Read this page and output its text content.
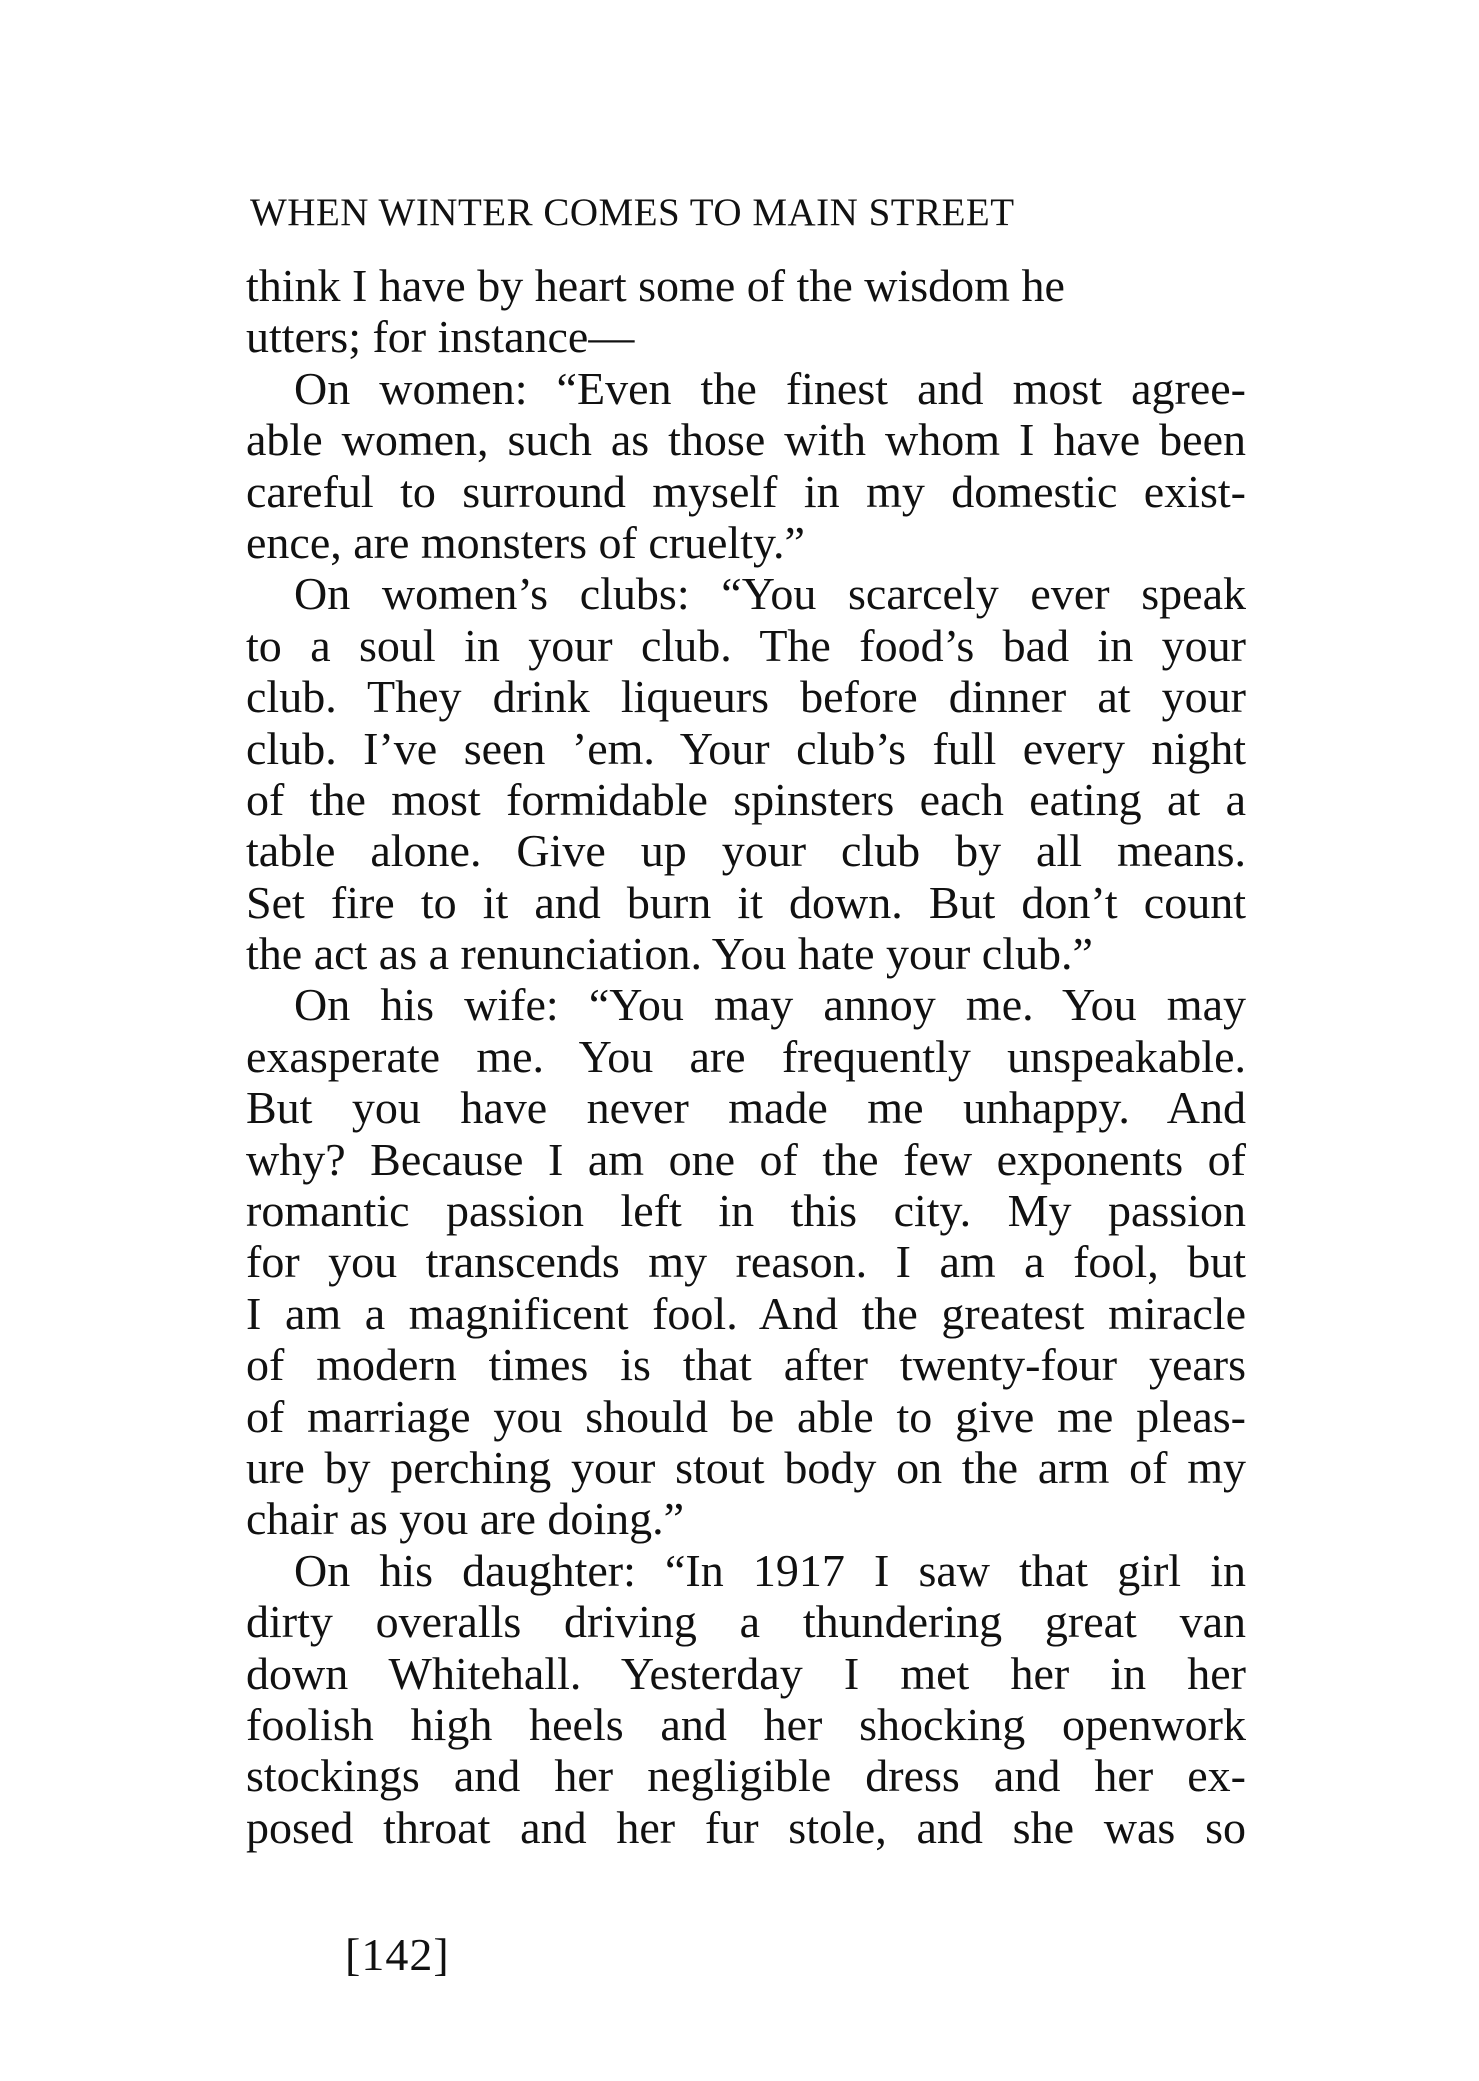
WHEN WINTER COMES TO MAIN STREET
think I have by heart some of the wisdom he
utters; for instance—
On women: “Even the finest and most agree-
able women, such as those with whom I have been
careful to surround myself in my domestic exist-
ence, are monsters of cruelty.”
On women’s clubs: “You scarcely ever speak
to a soul in your club. The food’s bad in your
club. They drink liqueurs before dinner at your
club. I’ve seen ’em. Your club’s full every night
of the most formidable spinsters each eating at a
table alone. Give up your club by all means.
Set fire to it and burn it down. But don’t count
the act as a renunciation. You hate your club.”
On his wife: “You may annoy me. You may
exasperate me. You are frequently unspeakable.
But you have never made me unhappy. And
why? Because I am one of the few exponents of
romantic passion left in this city. My passion
for you transcends my reason. I am a fool, but
I am a magnificent fool. And the greatest miracle
of modern times is that after twenty-four years
of marriage you should be able to give me pleas-
ure by perching your stout body on the arm of my
chair as you are doing.”
On his daughter: “In 1917 I saw that girl in
dirty overalls driving a thundering great van
down Whitehall. Yesterday I met her in her
foolish high heels and her shocking openwork
stockings and her negligible dress and her ex-
posed throat and her fur stole, and she was so
[142]
